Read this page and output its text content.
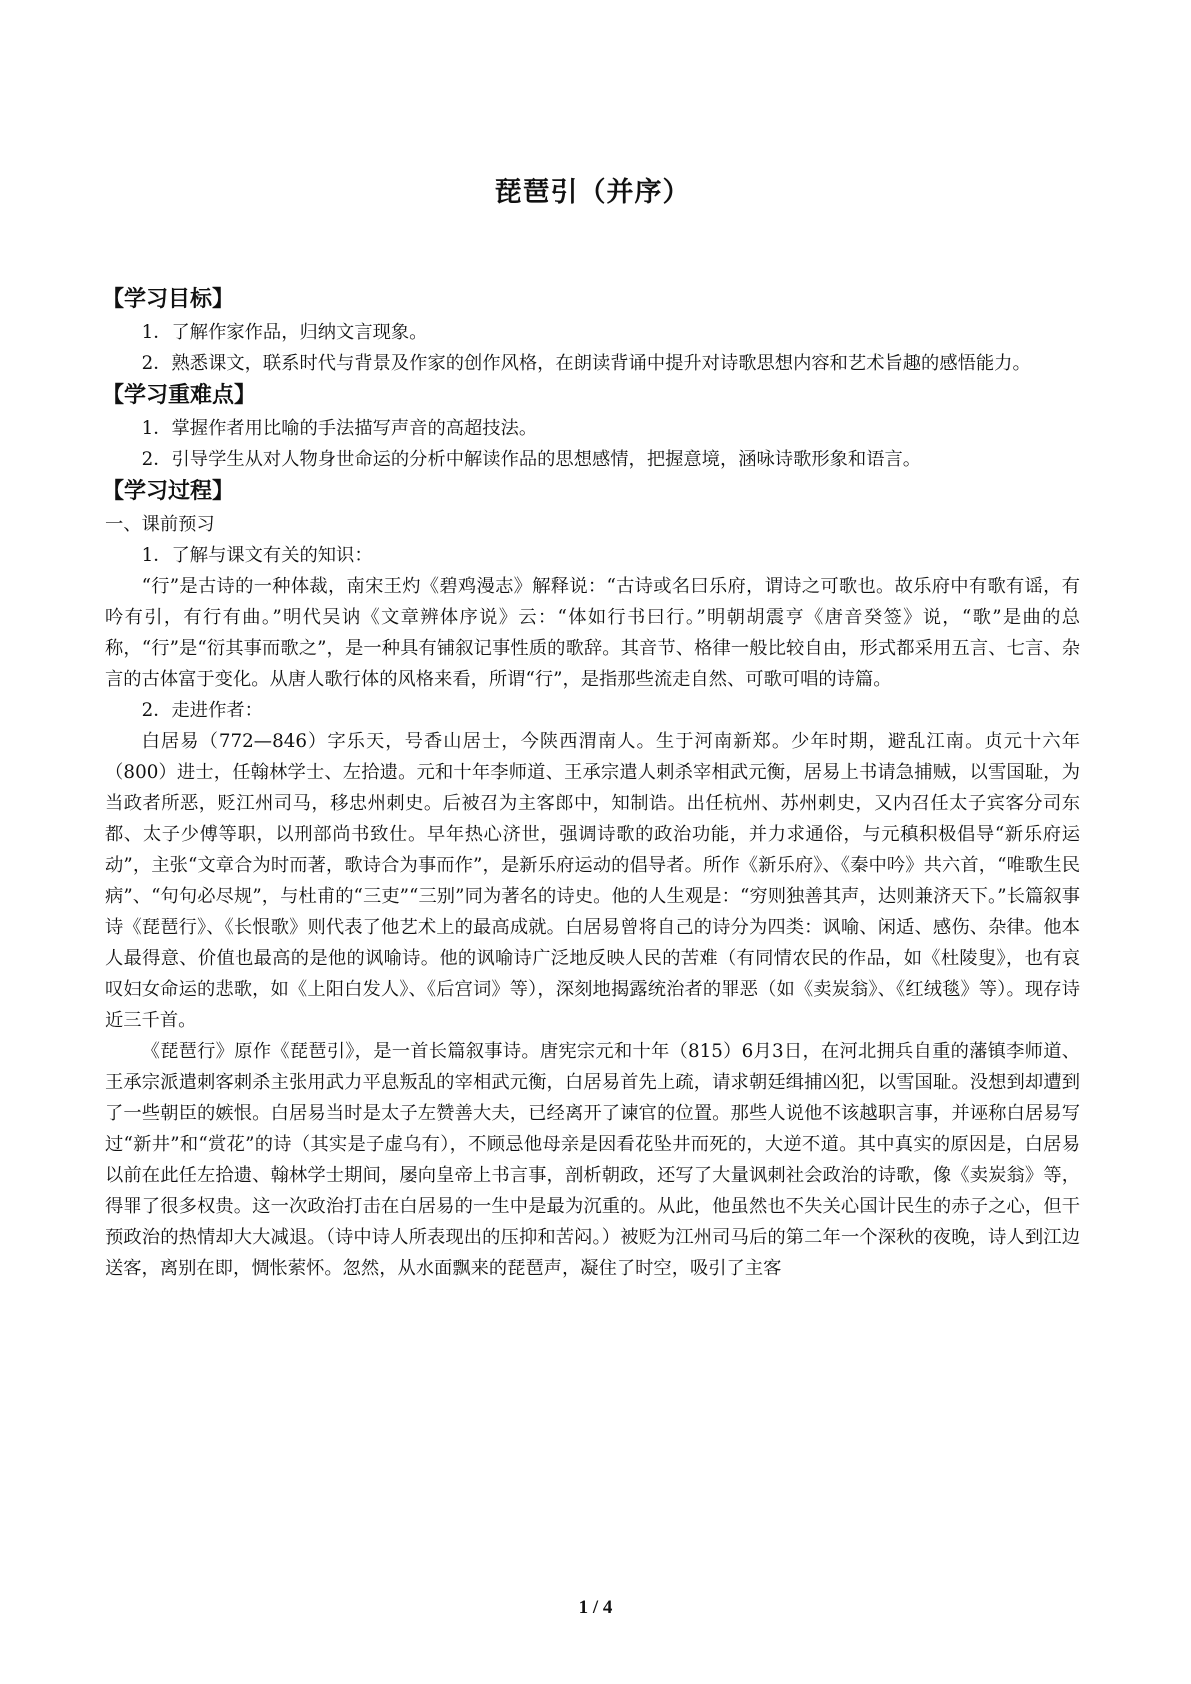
琵琶引（并序）
【学习目标】

1．了解作家作品，归纳文言现象。

2．熟悉课文，联系时代与背景及作家的创作风格，在朗读背诵中提升对诗歌思想内容和艺术旨趣的感悟能力。

【学习重难点】

1．掌握作者用比喻的手法描写声音的高超技法。

2．引导学生从对人物身世命运的分析中解读作品的思想感情，把握意境，涵咏诗歌形象和语言。

【学习过程】

一、课前预习

1．了解与课文有关的知识：

“行”是古诗的一种体裁，南宋王灼《碧鸡漫志》解释说：“古诗或名曰乐府，谓诗之可歌也。故乐府中有歌有谣，有吟有引，有行有曲。”明代吴讷《文章辨体序说》云：“体如行书曰行。”明朝胡震亨《唐音癸签》说，“歌”是曲的总称，“行”是“衍其事而歌之”，是一种具有铺叙记事性质的歌辞。其音节、格律一般比较自由，形式都采用五言、七言、杂言的古体富于变化。从唐人歌行体的风格来看，所谓“行”，是指那些流走自然、可歌可唱的诗篇。

2．走进作者：

白居易（772—846）字乐天，号香山居士，今陕西渭南人。生于河南新郑。少年时期，避乱江南。贞元十六年（800）进士，任翰林学士、左拾遗。元和十年李师道、王承宗遣人刺杀宰相武元衡，居易上书请急捕贼，以雪国耻，为当政者所恶，贬江州司马，移忠州刺史。后被召为主客郎中，知制诰。出任杭州、苏州刺史，又内召任太子宾客分司东都、太子少傅等职，以刑部尚书致仕。早年热心济世，强调诗歌的政治功能，并力求通俗，与元稹积极倡导“新乐府运动”，主张“文章合为时而著，歌诗合为事而作”，是新乐府运动的倡导者。所作《新乐府》、《秦中吟》共六首，“唯歌生民病”、“句句必尽规”，与杜甫的“三吏”“三别”同为著名的诗史。他的人生观是：“穷则独善其声，达则兼济天下。”长篇叙事诗《琵琶行》、《长恨歌》则代表了他艺术上的最高成就。白居易曾将自己的诗分为四类：讽喻、闲适、感伤、杂律。他本人最得意、价值也最高的是他的讽喻诗。他的讽喻诗广泛地反映人民的苦难（有同情农民的作品，如《杜陵叟》，也有哀叹妇女命运的悲歌，如《上阳白发人》、《后宫词》等），深刻地揭露统治者的罪恶（如《卖炭翁》、《红绒毯》等）。现存诗近三千首。

《琵琶行》原作《琵琶引》，是一首长篇叙事诗。唐宪宗元和十年（815）6月3日，在河北拥兵自重的藩镇李师道、王承宗派遣刺客刺杀主张用武力平息叛乱的宰相武元衡，白居易首先上疏，请求朝廷缉捕凶犯，以雪国耻。没想到却遭到了一些朝臣的嫉恨。白居易当时是太子左赞善大夫，已经离开了谏官的位置。那些人说他不该越职言事，并诬称白居易写过“新井”和“赏花”的诗（其实是子虚乌有），不顾忌他母亲是因看花坠井而死的，大逆不道。其中真实的原因是，白居易以前在此任左拾遗、翰林学士期间，屡向皇帝上书言事，剖析朝政，还写了大量讽刺社会政治的诗歌，像《卖炭翁》等，得罪了很多权贵。这一次政治打击在白居易的一生中是最为沉重的。从此，他虽然也不失关心国计民生的赤子之心，但干预政治的热情却大大减退。（诗中诗人所表现出的压抑和苦闷。）被贬为江州司马后的第二年一个深秋的夜晚，诗人到江边送客，离别在即，惆怅萦怀。忽然，从水面飘来的琵琶声，凝住了时空，吸引了主客

1 / 4
